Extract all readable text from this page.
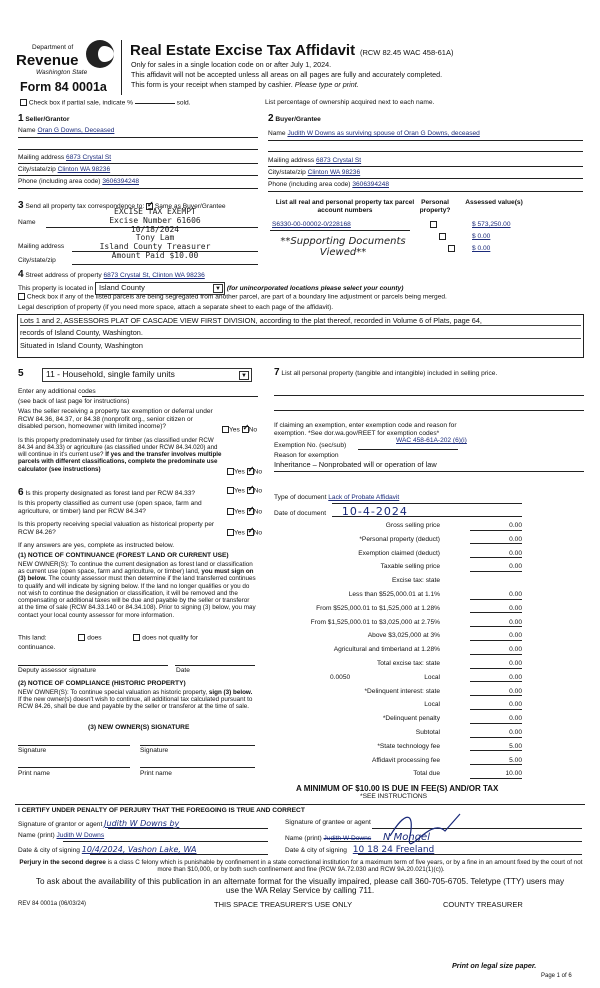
Department of
Revenue
Washington State
Form 84 0001a
Real Estate Excise Tax Affidavit (RCW 82.45 WAC 458-61A)
Only for sales in a single location code on or after July 1, 2024.
This affidavit will not be accepted unless all areas on all pages are fully and accurately completed.
This form is your receipt when stamped by cashier. Please type or print.
Check box if partial sale, indicate %	sold.	List percentage of ownership acquired next to each name.
1 Seller/Grantor
Name Oran G Downs, Deceased
Mailing address 6873 Crystal St
City/state/zip Clinton WA 98236
Phone (including area code) 3606394248
2 Buyer/Grantee
Name Judith W Downs as surviving spouse of Oran G Downs, deceased
Mailing address 6873 Crystal St
City/state/zip Clinton WA 98236
Phone (including area code) 3606394248
3 Send all property tax correspondence to: ✓ Same as Buyer/Grantee
Name
Mailing address
City/state/zip
EXCISE TAX EXEMPT
Excise Number 61606
10/18/2024
Tony Lam
Island County Treasurer
Amount Paid $10.00
List all real and personal property tax parcel account numbers
Personal property?
Assessed value(s)
S6330-00-00002-0/228168
	$ 573,250.00

$ 0.00
$ 0.00
**Supporting Documents Viewed**
4 Street address of property 6873 Crystal St, Clinton WA 98236
This property is located in Island County	▼ (for unincorporated locations please select your county)
Check box if any of the listed parcels are being segregated from another parcel, are part of a boundary line adjustment or parcels being merged.
Legal description of property (if you need more space, attach a separate sheet to each page of the affidavit).
Lots 1 and 2, ASSESSORS PLAT OF CASCADE VIEW FIRST DIVISION, according to the plat thereof, recorded in Volume 6 of Plats, page 64,
records of Island County, Washington.
Situated in Island County, Washington
5	11 - Household, single family units	▼
Enter any additional codes
(see back of last page for instructions)
Was the seller receiving a property tax exemption or deferral under RCW 84.36, 84.37, or 84.38 (nonprofit org., senior citizen or disabled person, homeowner with limited income)?	Yes ✓ No
Is this property predominately used for timber (as classified under RCW 84.34 and 84.33) or agriculture (as classified under RCW 84.34.020) and will continue in it's current use? If yes and the transfer involves multiple parcels with different classifications, complete the predominate use calculator (see instructions)	Yes ✓ No
6 Is this property designated as forest land per RCW 84.33?	Yes ✓ No
Is this property classified as current use (open space, farm and agriculture, or timber) land per RCW 84.34?	Yes ✓ No
Is this property receiving special valuation as historical property per RCW 84.26?	Yes ✓ No
If any answers are yes, complete as instructed below.
(1) NOTICE OF CONTINUANCE (FOREST LAND OR CURRENT USE)
NEW OWNER(S): To continue the current designation as forest land or classification as current use (open space, farm and agriculture, or timber) land, you must sign on (3) below. The county assessor must then determine if the land transferred continues to qualify and will indicate by signing below. If the land no longer qualifies or you do not wish to continue the designation or classification, it will be removed and the compensating or additional taxes will be due and payable by the seller or transferor at the time of sale (RCW 84.33.140 or 84.34.108). Prior to signing (3) below, you may contact your local county assessor for more information.
This land:	does	does not qualify for
continuance.
Deputy assessor signature	Date
(2) NOTICE OF COMPLIANCE (HISTORIC PROPERTY)
NEW OWNER(S): To continue special valuation as historic property, sign (3) below. If the new owner(s) doesn't wish to continue, all additional tax calculated pursuant to RCW 84.26, shall be due and payable by the seller or transferor at the time of sale.
(3) NEW OWNER(S) SIGNATURE
Signature	Signature
Print name	Print name
7 List all personal property (tangible and intangible) included in selling price.
If claiming an exemption, enter exemption code and reason for exemption. *See dor.wa.gov/REET for exemption codes*
WAC 458-61A-202 (6)(i)
Exemption No. (sec/sub)
Reason for exemption
Inheritance – Nonprobated will or operation of law
Type of document Lack of Probate Affidavit
Date of document 10-4-2024
Gross selling price	0.00
*Personal property (deduct)	0.00
Exemption claimed (deduct)	0.00
Taxable selling price	0.00
Excise tax: state
Less than $525,000.01 at 1.1%	0.00
From $525,000.01 to $1,525,000 at 1.28%	0.00
From $1,525,000.01 to $3,025,000 at 2.75%	0.00
Above $3,025,000 at 3%	0.00
Agricultural and timberland at 1.28%	0.00
Total excise tax: state	0.00
Local	0.00
*Delinquent interest: state	0.00
Local	0.00
*Delinquent penalty	0.00
Subtotal	0.00
*State technology fee	5.00
Affidavit processing fee	5.00
Total due	10.00
0.0050
A MINIMUM OF $10.00 IS DUE IN FEE(S) AND/OR TAX
*SEE INSTRUCTIONS
I CERTIFY UNDER PENALTY OF PERJURY THAT THE FOREGOING IS TRUE AND CORRECT
Signature of grantor or agent Judith W Downs by
Name (print) Judith W Downs
Date & city of signing 10/4/2024, Vashon Lake, WA
Signature of grantee or agent
Name (print) Judith W Downs N Mongel
Date & city of signing 10 18 24 Freeland
Perjury in the second degree is a class C felony which is punishable by confinement in a state correctional institution for a maximum term of five years, or by a fine in an amount fixed by the court of not more than $10,000, or by both such confinement and fine (RCW 9A.72.030 and RCW 9A.20.021(1)(c)).
To ask about the availability of this publication in an alternate format for the visually impaired, please call 360-705-6705. Teletype (TTY) users may use the WA Relay Service by calling 711.
REV 84 0001a (06/03/24)	THIS SPACE TREASURER'S USE ONLY	COUNTY TREASURER
Print on legal size paper.
Page 1 of 6
